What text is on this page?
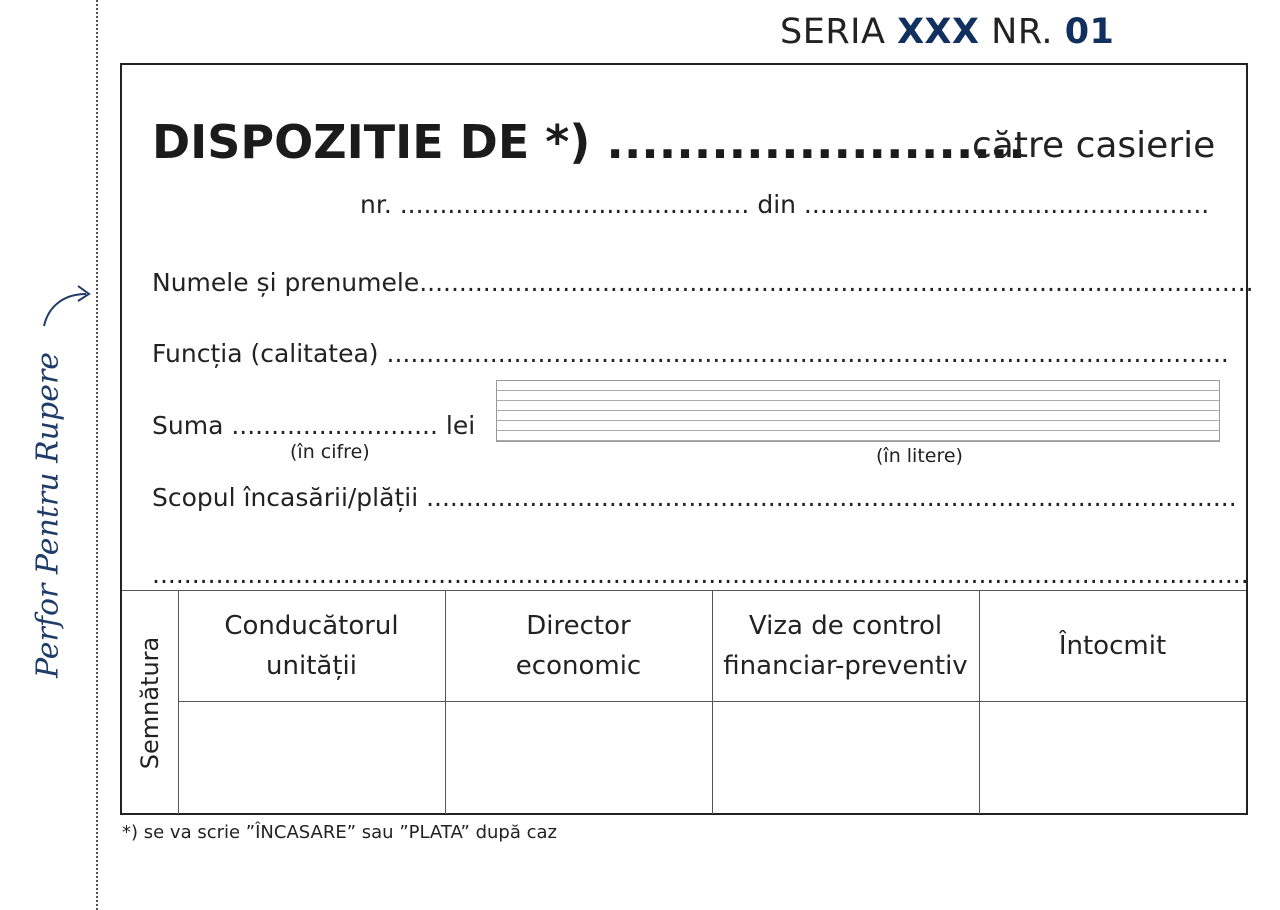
Perfor Pentru Rupere
SERIA XXX NR. 01
DISPOZITIE DE *) ........................
către casierie
nr. ............................................ din ...................................................
Numele și prenumele.........................................................................................................
Funcția (calitatea) ..........................................................................................................
Suma .......................... lei
(în cifre)	(în litere)
Scopul încasării/plății ......................................................................................................
..........................................................................................................................................
Semnătura
Conducătorul
unității
Director
economic
Viza de control
financiar-preventiv
Întocmit
*) se va scrie ”ÎNCASARE” sau ”PLATA” după caz
